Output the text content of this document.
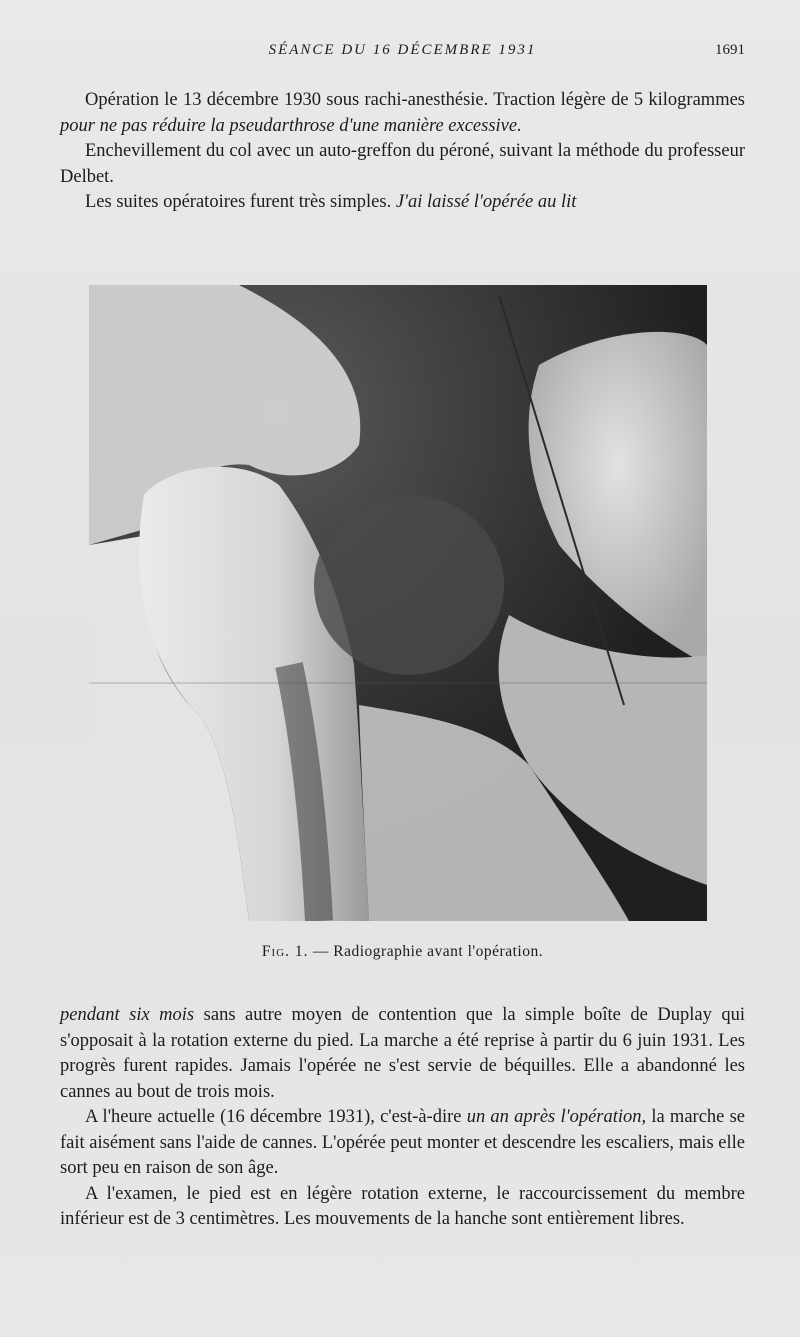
SÉANCE DU 16 DÉCEMBRE 1931	1691

Opération le 13 décembre 1930 sous rachi-anesthésie. Traction légère de 5 kilogrammes pour ne pas réduire la pseudarthrose d'une manière excessive.

Enchevillement du col avec un auto-greffon du péroné, suivant la méthode du professeur Delbet.

Les suites opératoires furent très simples. J'ai laissé l'opérée au lit

Fig. 1. — Radiographie avant l'opération.

pendant six mois sans autre moyen de contention que la simple boîte de Duplay qui s'opposait à la rotation externe du pied. La marche a été reprise à partir du 6 juin 1931. Les progrès furent rapides. Jamais l'opérée ne s'est servie de béquilles. Elle a abandonné les cannes au bout de trois mois.

A l'heure actuelle (16 décembre 1931), c'est-à-dire un an après l'opération, la marche se fait aisément sans l'aide de cannes. L'opérée peut monter et descendre les escaliers, mais elle sort peu en raison de son âge.

A l'examen, le pied est en légère rotation externe, le raccourcissement du membre inférieur est de 3 centimètres. Les mouvements de la hanche sont entièrement libres.
